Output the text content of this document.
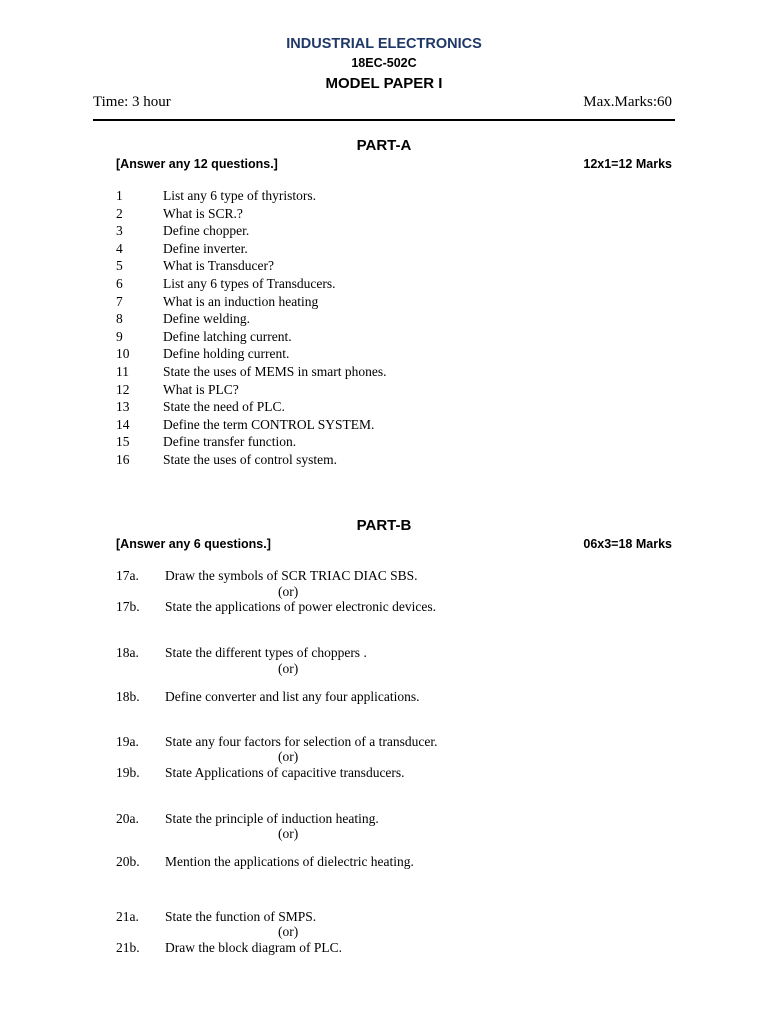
INDUSTRIAL ELECTRONICS
18EC-502C
MODEL PAPER I
Time: 3 hour	Max.Marks:60
PART-A
[Answer any 12 questions.]	12x1=12 Marks
1	List any 6 type of thyristors.
2	What is SCR.?
3	Define chopper.
4	Define inverter.
5	What is Transducer?
6	List any 6 types of Transducers.
7	What is an induction heating
8	Define welding.
9	Define latching current.
10 Define holding current.
11	State the uses of MEMS in smart phones.
12 What is PLC?
13 State the need of PLC.
14 Define the term CONTROL SYSTEM.
15 Define transfer function.
16 State the uses of control system.
PART-B
[Answer any 6 questions.]	06x3=18 Marks
17a. Draw the symbols of SCR TRIAC DIAC SBS.
(or)
17b. State the applications of power electronic devices.
18a. State the different types of choppers .
(or)
18b. Define converter and list any four applications.
19a. State any four factors for selection of a transducer.
(or)
19b. State Applications of capacitive transducers.
20a. State the principle of induction heating.
(or)
20b. Mention the applications of dielectric heating.
21a. State the function of SMPS.
(or)
21b. Draw the block diagram of PLC.
